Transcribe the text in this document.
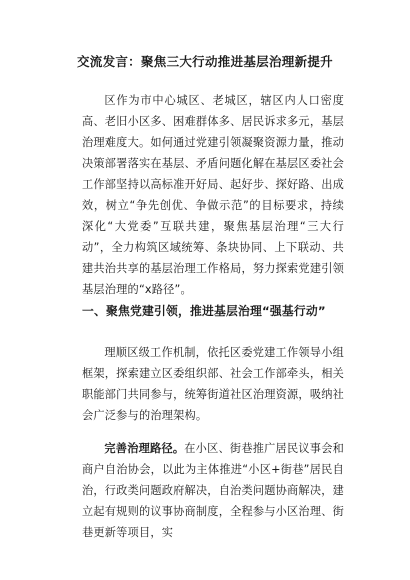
交流发言：聚焦三大行动推进基层治理新提升
区作为市中心城区、老城区，辖区内人口密度高、老旧小区多、困难群体多、居民诉求多元，基层治理难度大。如何通过党建引领凝聚资源力量，推动决策部署落实在基层、矛盾问题化解在基层区委社会工作部坚持以高标准开好局、起好步、探好路、出成效，树立“争先创优、争做示范”的目标要求，持续深化“大党委”互联共建，聚焦基层治理“三大行动”，全力构筑区域统筹、条块协同、上下联动、共建共治共享的基层治理工作格局，努力探索党建引领基层治理的“x路径”。
一、聚焦党建引领，推进基层治理“强基行动”
理顺区级工作机制，依托区委党建工作领导小组框架，探索建立区委组织部、社会工作部牵头，相关职能部门共同参与，统筹街道社区治理资源，吸纳社会广泛参与的治理架构。
完善治理路径。在小区、街巷推广居民议事会和商户自治协会，以此为主体推进“小区+街巷”居民自治，行政类问题政府解决，自治类问题协商解决，建立起有规则的议事协商制度，全程参与小区治理、街巷更新等项目，实
